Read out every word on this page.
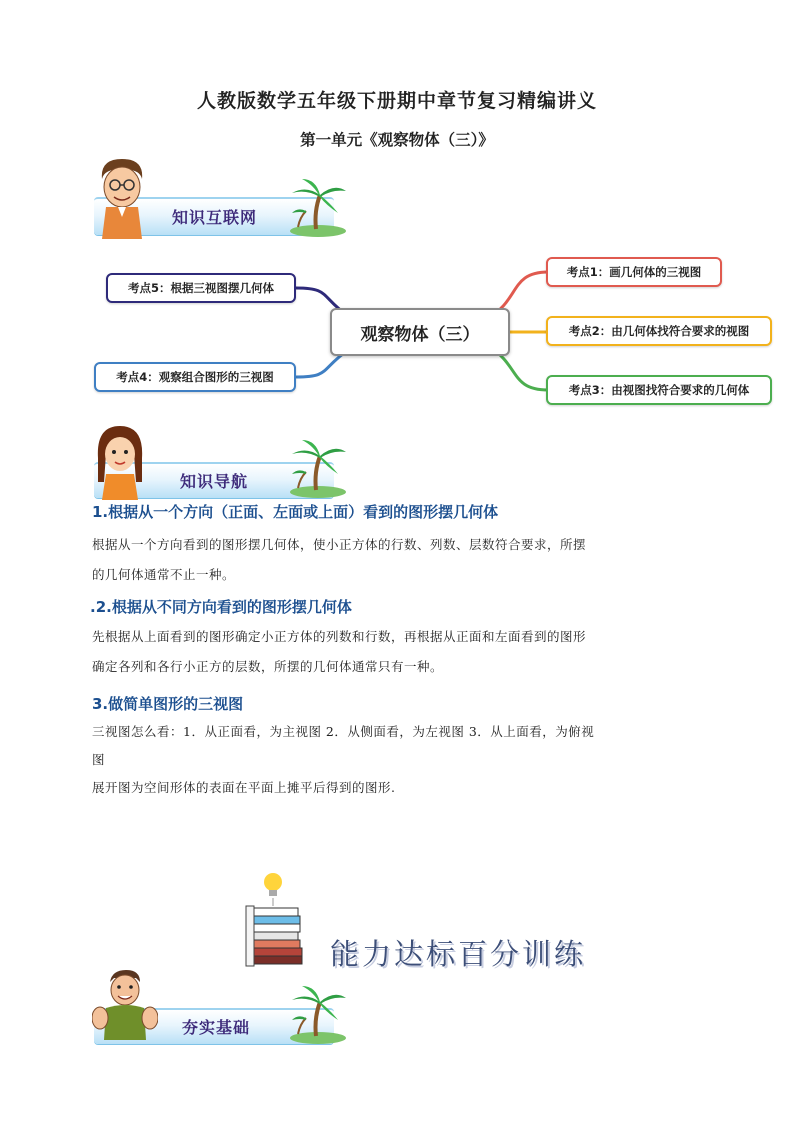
人教版数学五年级下册期中章节复习精编讲义
第一单元《观察物体（三）》
知识互联网
观察物体（三）
考点5：根据三视图摆几何体
考点4：观察组合图形的三视图
考点1：画几何体的三视图
考点2：由几何体找符合要求的视图
考点3：由视图找符合要求的几何体
知识导航
1.根据从一个方向（正面、左面或上面）看到的图形摆几何体
根据从一个方向看到的图形摆几何体，使小正方体的行数、列数、层数符合要求，所摆
的几何体通常不止一种。
.2.根据从不同方向看到的图形摆几何体
先根据从上面看到的图形确定小正方体的列数和行数，再根据从正面和左面看到的图形
确定各列和各行小正方的层数，所摆的几何体通常只有一种。
3.做简单图形的三视图
三视图怎么看：1．从正面看，为主视图 2．从侧面看，为左视图 3．从上面看，为俯视
图
展开图为空间形体的表面在平面上摊平后得到的图形.
能力达标百分训练
夯实基础
